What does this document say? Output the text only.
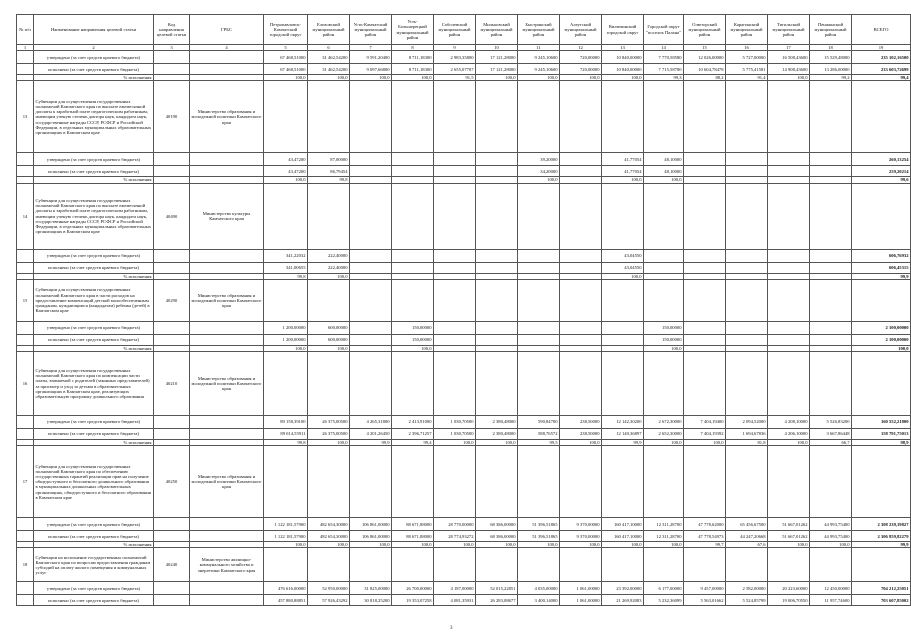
№ п/п	Наименование направления целевой статьи	Код направления целевой статьи	ГРБС	Петропавловск-Камчатский городской округ	Елизовский муниципальный район	Усть-Камчатский муниципальный район	Усть-Большерецкий муниципальный район	Соболевский муниципальный район	Мильковский муниципальный район	Быстринский муниципальный район	Алеутский муниципальный район	Вилючинский городской округ	Городской округ "поселок Палана"	Олюторский муниципальный район	Карагинский муниципальный район	Тигильский муниципальный район	Пенжинский муниципальный район	ВСЕГО
1	2	3	4	5	6	7	8	9	10	11	12	13	14	15	16	17	18	19
	утверждено (за счет средств краевого бюджета)			67 468,51000	31 462,54200	9 591,20400	8 711,18300	2 983,35800	17 121,28000	9 245,10600	720,00000	10 840,00000	7 770,58580	12 026,00000	5 727,00000	16 508,43600	15 529,48000	235 102,16500
	исполнено (за счет средств краевого бюджета)			67 468,51000	31 462,54200	9 097,66800	8 711,18300	2 655,07707	17 121,28000	9 245,10600	720,00000	10 840,00000	7 715,58780	10 604,78478	5 775,41581	14 908,43600	13 286,00000	233 603,72699
	% исполнения			100,0	100,0	100,0	100,0	91,5	100,0	100,0	100,0	100,0	99,3	88,2	91,4	100,0	99,2	99,4
13	Субвенции для осуществления государственных полномочий Камчатского края по выплате ежемесячной доплаты к заработной плате педагогическим работникам, имеющим ученую степень доктора наук, кандидата наук, государственные награды СССР, РСФСР и Российской Федерации, в отдельных муниципальных образовательных организациях в Камчатском крае	40190	Министерство образования и молодежной политики Камчатского края															
	утверждено (за счет средств краевого бюджета)			43,47200	87,00000					39,20000		41,77054	48,10000					260,13254
	исполнено (за счет средств краевого бюджета)			43,47200	86,79454					34,20000		41,77054	48,10000					259,20214
	% исполнения			100,0	99,8					100,0		100,0	100,0					99,6
14	Субвенции для осуществления государственных полномочий Камчатского края по выплате ежемесячной доплаты к заработной плате педагогическим работникам, имеющим ученую степень доктора наук, кандидата наук, государственные награды СССР, РСФСР и Российской Федерации, в отдельных муниципальных образовательных организациях в Камчатском крае	40490	Министерство культуры Камчатского края															
	утверждено (за счет средств краевого бюджета)			341,22032	222,40000							43,04550						606,76932
	исполнено (за счет средств краевого бюджета)			341,00655	222,40000							43,04550						606,45315
	% исполнения			99,8	100,0							100,0						99,9
15	Субвенции для осуществления государственных полномочий Камчатского края в части расходов на предоставление компенсаций детской малообеспеченным гражданам, нуждающимся (кандидатам) ребенка (детей) в Камчатском крае	40290	Министерство образования и молодежной политики Камчатского края															
	утверждено (за счет средств краевого бюджета)			1 200,00000	600,00000		150,00000						150,00000					2 100,00000
	исполнено (за счет средств краевого бюджета)			1 200,00000	600,00000		150,00000						150,00000					2 100,00000
	% исполнения			100,0	100,0		100,0						100,0					100,0
16	Субвенции для осуществления государственных полномочий Камчатского края по компенсации части платы, взимаемой с родителей (законных представителей) за присмотр и уход за детьми в образовательных организациях в Камчатском крае, реализующих образовательную программу дошкольного образования	40210	Министерство образования и молодежной политики Камчатского края															
	утверждено (за счет средств краевого бюджета)			89 158,39100	26 375,00500	4 265,31800	2 413,91000	1 030,70500	2 380,48000	590,84700	238,50000	12 142,30200	2 672,30000	7 404,19400	2 094,52000	4 208,10000	5 526,83200	160 552,21800
	исполнено (за счет средств краевого бюджета)			89 014,55911	26 375,00500	4 201,26450	2 396,71257	1 030,70500	2 380,48000	588,76572	238,50000	12 140,36897	2 652,30000	7 404,19392	1 694,67836	4 206,10000	3 667,86448	158 791,75013
	% исполнения			99,8	100,0	99,9	99,4	100,0	100,0	99,5	100,0	99,9	100,0	100,0	81,8	100,0	66,7	98,9
17	Субвенции для осуществления государственных полномочий Камчатского края по обеспечению государственных гарантий реализации прав на получение общедоступного и бесплатного дошкольного образования в муниципальных дошкольных образовательных организациях, общедоступного и бесплатного образования в Камчатском крае	40250	Министерство образования и молодежной политики Камчатского края															
	утверждено (за счет средств краевого бюджета)			1 122 181,57900	482 654,30000	106 861,00000	88 671,88000	28 770,00000	68 386,00000	51 396,51865	9 370,00000	160 417,10000	12 311,28700	47 778,62000	65 456,67500	51 667,01262	44 993,75400	2 308 239,19827
	исполнено (за счет средств краевого бюджета)			1 122 181,57900	482 654,30000	106 861,00000	88 671,88000	28 774,93272	68 386,00000	51 396,51865	9 370,00000	160 417,10000	12 311,28700	47 778,54973	44 247,20668	51 667,01262	44 993,75400	2 306 859,82279
	% исполнения			100,0	100,0	100,0	100,0	100,0	100,0	100,0	100,0	100,0	100,0	99,7	67,6	100,0	100,0	99,9
18	Субвенции на исполнение государственных полномочий Камчатского края по вопросам предоставления гражданам субсидий на оплату жилого помещения и коммунальных услуг	40240	Министерство жилищно-коммунального хозяйства и энергетики Камчатского края															
	утверждено (за счет средств краевого бюджета)			476 616,00000	52 950,00000	31 825,00000	26 700,00000	4 187,00000	52 015,22851	4 035,00000	1 061,00000	23 392,00000	6 177,00000	9 457,00000	2 582,00000	20 223,60000	12 450,00000	704 212,25051
	исполнено (за счет средств краевого бюджета)			457 880,88851	57 926,43292	30 818,25200	19 353,07258	4 081,35931	26 283,08677	3 400,14000	1 061,00000	21 269,92083	5 232,36099	5 563,01662	5 524,85799	19 006,70550	11 957,74600	703 607,85002
3
